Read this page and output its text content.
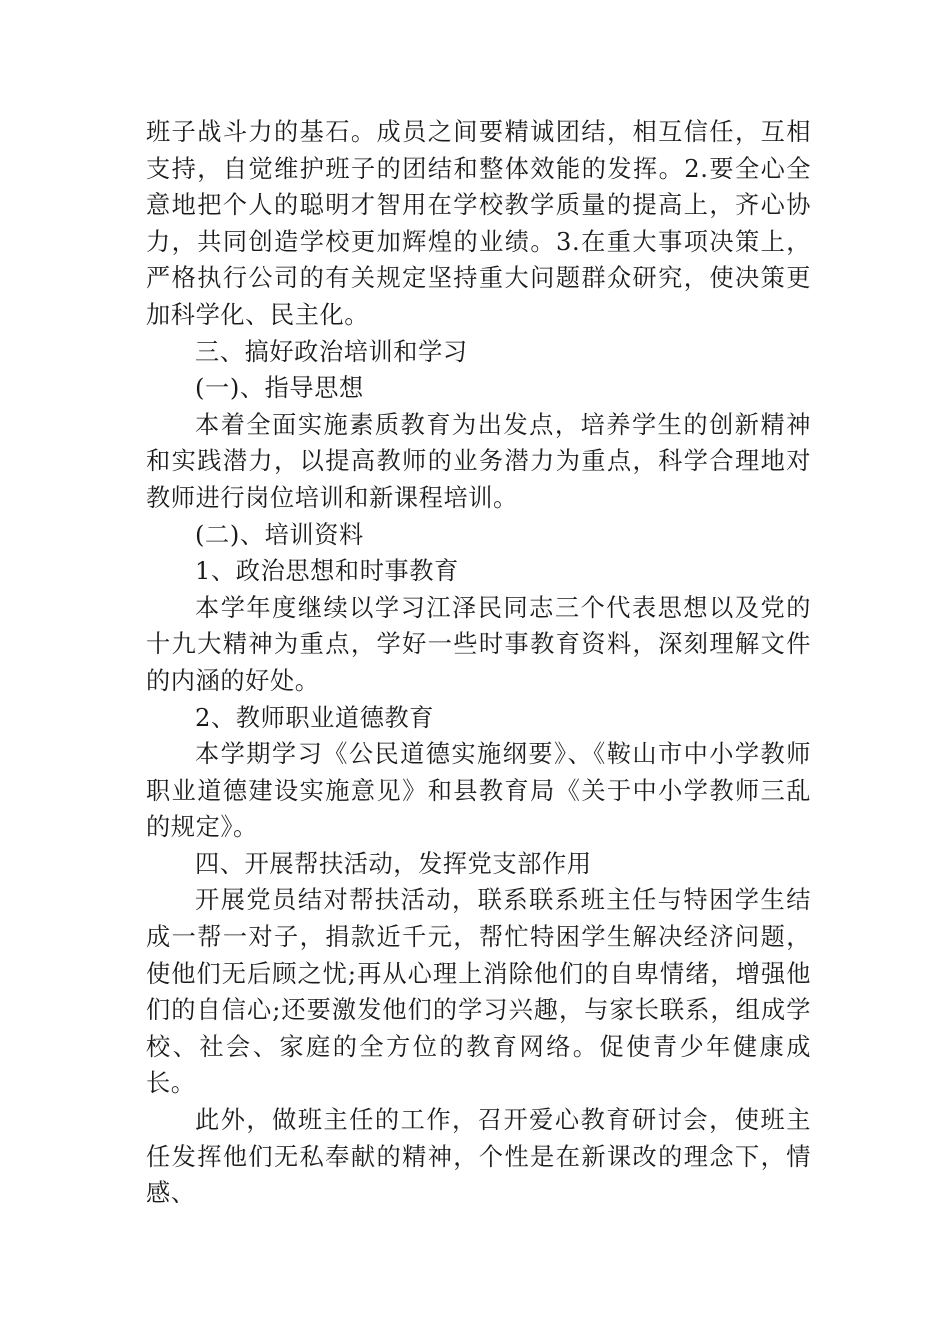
班子战斗力的基石。成员之间要精诚团结，相互信任，互相支持，自觉维护班子的团结和整体效能的发挥。2.要全心全意地把个人的聪明才智用在学校教学质量的提高上，齐心协力，共同创造学校更加辉煌的业绩。3.在重大事项决策上，严格执行公司的有关规定坚持重大问题群众研究，使决策更加科学化、民主化。

三、搞好政治培训和学习

(一)、指导思想

本着全面实施素质教育为出发点，培养学生的创新精神和实践潜力，以提高教师的业务潜力为重点，科学合理地对教师进行岗位培训和新课程培训。

(二)、培训资料

1、政治思想和时事教育

本学年度继续以学习江泽民同志三个代表思想以及党的十九大精神为重点，学好一些时事教育资料，深刻理解文件的内涵的好处。

2、教师职业道德教育

本学期学习《公民道德实施纲要》、《鞍山市中小学教师职业道德建设实施意见》和县教育局《关于中小学教师三乱的规定》。

四、开展帮扶活动，发挥党支部作用

开展党员结对帮扶活动，联系联系班主任与特困学生结成一帮一对子，捐款近千元，帮忙特困学生解决经济问题，使他们无后顾之忧;再从心理上消除他们的自卑情绪，增强他们的自信心;还要激发他们的学习兴趣，与家长联系，组成学校、社会、家庭的全方位的教育网络。促使青少年健康成长。

此外，做班主任的工作，召开爱心教育研讨会，使班主任发挥他们无私奉献的精神，个性是在新课改的理念下，情感、
